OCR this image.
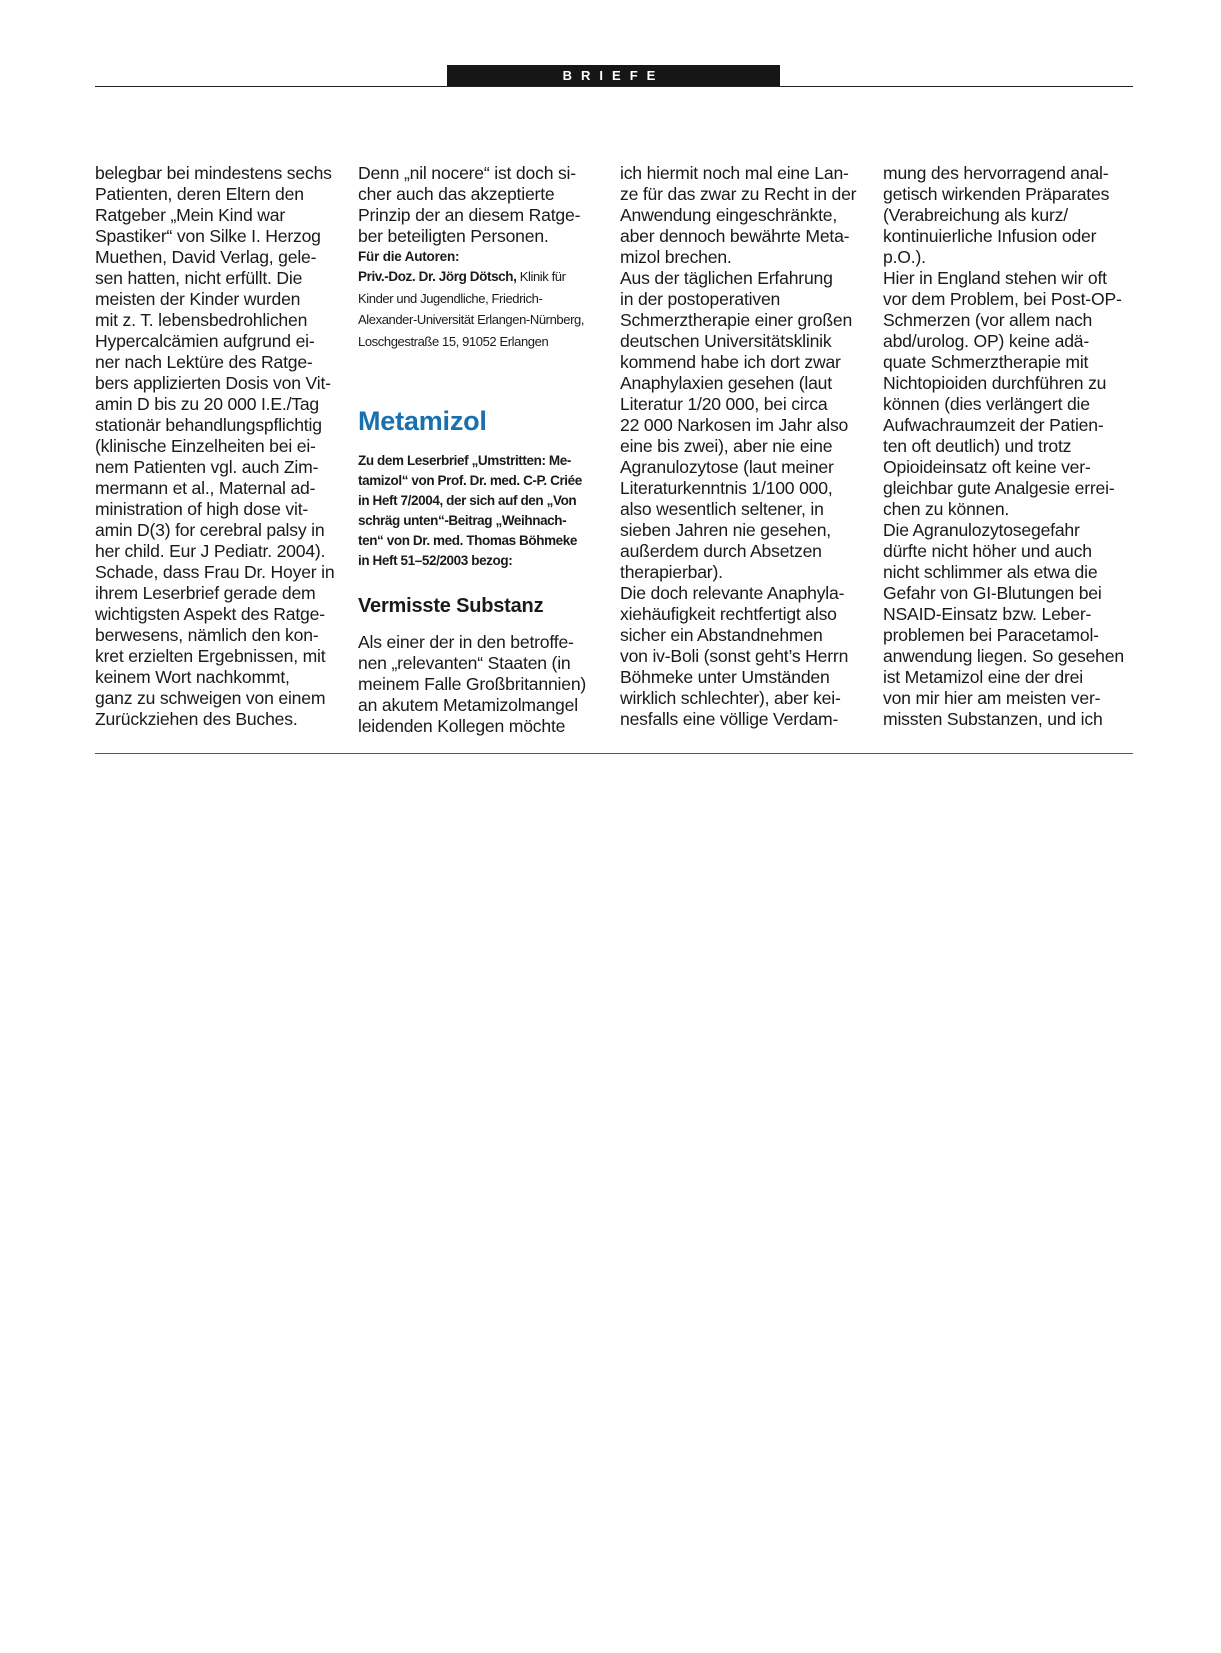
BRIEFE
belegbar bei mindestens sechs
Patienten, deren Eltern den
Ratgeber „Mein Kind war
Spastiker“ von Silke I. Herzog
Muethen, David Verlag, gele-
sen hatten, nicht erfüllt. Die
meisten der Kinder wurden
mit z. T. lebensbedrohlichen
Hypercalcämien aufgrund ei-
ner nach Lektüre des Ratge-
bers applizierten Dosis von Vit-
amin D bis zu 20 000 I.E./Tag
stationär behandlungspflichtig
(klinische Einzelheiten bei ei-
nem Patienten vgl. auch Zim-
mermann et al., Maternal ad-
ministration of high dose vit-
amin D(3) for cerebral palsy in
her child. Eur J Pediatr. 2004).
Schade, dass Frau Dr. Hoyer in
ihrem Leserbrief gerade dem
wichtigsten Aspekt des Ratge-
berwesens, nämlich den kon-
kret erzielten Ergebnissen, mit
keinem Wort nachkommt,
ganz zu schweigen von einem
Zurückziehen des Buches.
Denn „nil nocere“ ist doch si-
cher auch das akzeptierte
Prinzip der an diesem Ratge-
ber beteiligten Personen.
Für die Autoren:
Priv.-Doz. Dr. Jörg Dötsch, Klinik für
Kinder und Jugendliche, Friedrich-
Alexander-Universität Erlangen-Nürnberg,
Loschgestraße 15, 91052 Erlangen
Metamizol
Zu dem Leserbrief „Umstritten: Me-
tamizol“ von Prof. Dr. med. C-P. Criée
in Heft 7/2004, der sich auf den „Von
schräg unten“-Beitrag „Weihnach-
ten“ von Dr. med. Thomas Böhmeke
in Heft 51–52/2003 bezog:
Vermisste Substanz
Als einer der in den betroffe-
nen „relevanten“ Staaten (in
meinem Falle Großbritannien)
an akutem Metamizolmangel
leidenden Kollegen möchte
ich hiermit noch mal eine Lan-
ze für das zwar zu Recht in der
Anwendung eingeschränkte,
aber dennoch bewährte Meta-
mizol brechen.
Aus der täglichen Erfahrung
in der postoperativen
Schmerztherapie einer großen
deutschen Universitätsklinik
kommend habe ich dort zwar
Anaphylaxien gesehen (laut
Literatur 1/20 000, bei circa
22 000 Narkosen im Jahr also
eine bis zwei), aber nie eine
Agranulozytose (laut meiner
Literaturkenntnis 1/100 000,
also wesentlich seltener, in
sieben Jahren nie gesehen,
außerdem durch Absetzen
therapierbar).
Die doch relevante Anaphyla-
xiehäufigkeit rechtfertigt also
sicher ein Abstandnehmen
von iv-Boli (sonst geht’s Herrn
Böhmeke unter Umständen
wirklich schlechter), aber kei-
nesfalls eine völlige Verdam-
mung des hervorragend anal-
getisch wirkenden Präparates
(Verabreichung als kurz/
kontinuierliche Infusion oder
p.O.).
Hier in England stehen wir oft
vor dem Problem, bei Post-OP-
Schmerzen (vor allem nach
abd/urolog. OP) keine adä-
quate Schmerztherapie mit
Nichtopioiden durchführen zu
können (dies verlängert die
Aufwachraumzeit der Patien-
ten oft deutlich) und trotz
Opioideinsatz oft keine ver-
gleichbar gute Analgesie errei-
chen zu können.
Die Agranulozytosegefahr
dürfte nicht höher und auch
nicht schlimmer als etwa die
Gefahr von GI-Blutungen bei
NSAID-Einsatz bzw. Leber-
problemen bei Paracetamol-
anwendung liegen. So gesehen
ist Metamizol eine der drei
von mir hier am meisten ver-
missten Substanzen, und ich
